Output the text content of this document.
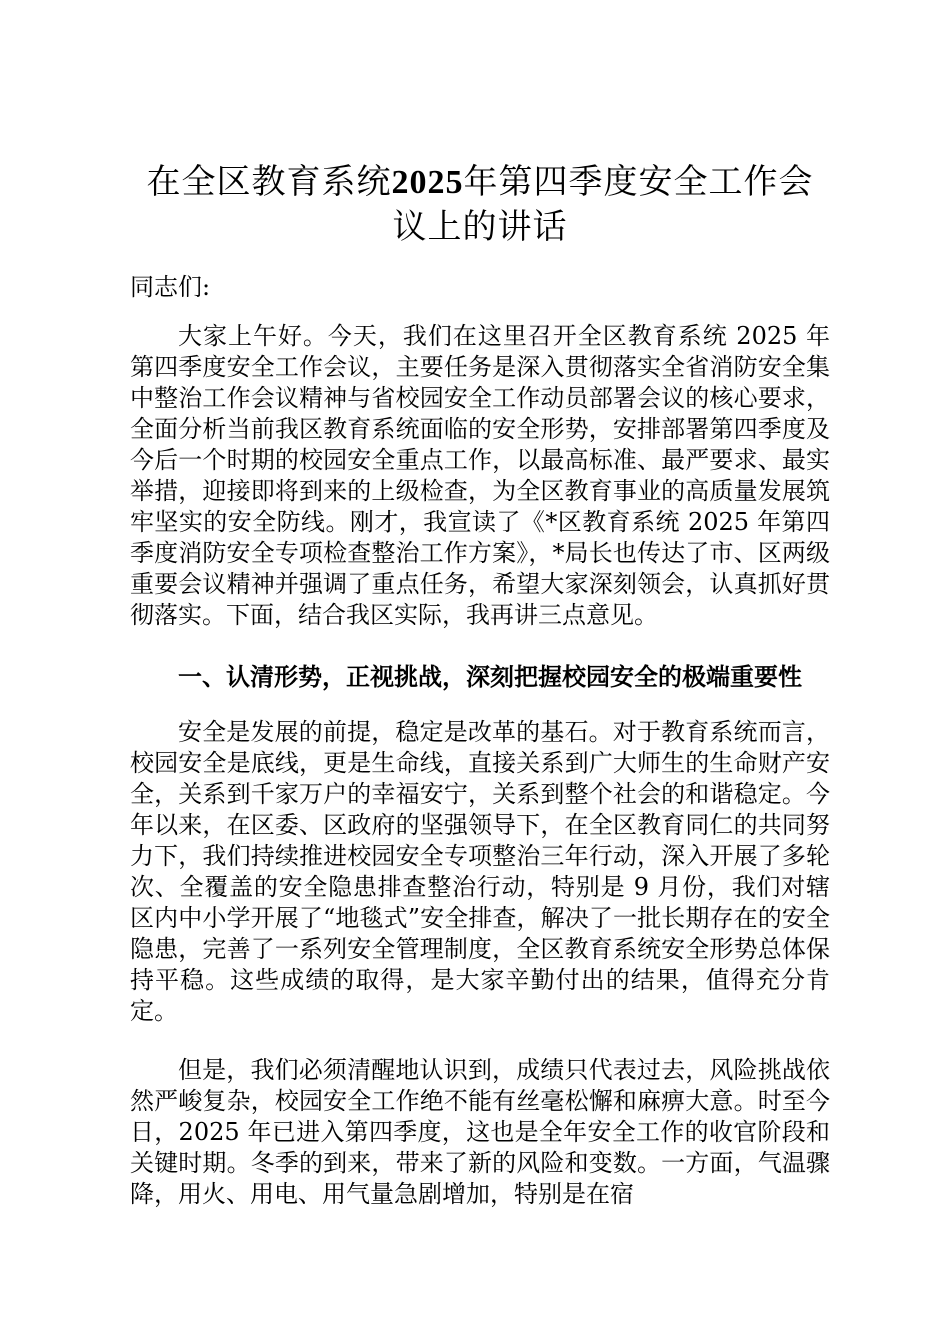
在全区教育系统2025年第四季度安全工作会议上的讲话

同志们:

大家上午好。今天，我们在这里召开全区教育系统 2025 年第四季度安全工作会议，主要任务是深入贯彻落实全省消防安全集中整治工作会议精神与省校园安全工作动员部署会议的核心要求，全面分析当前我区教育系统面临的安全形势，安排部署第四季度及今后一个时期的校园安全重点工作，以最高标准、最严要求、最实举措，迎接即将到来的上级检查，为全区教育事业的高质量发展筑牢坚实的安全防线。刚才，我宣读了《*区教育系统 2025 年第四季度消防安全专项检查整治工作方案》，*局长也传达了市、区两级重要会议精神并强调了重点任务，希望大家深刻领会，认真抓好贯彻落实。下面，结合我区实际，我再讲三点意见。

一、认清形势，正视挑战，深刻把握校园安全的极端重要性

安全是发展的前提，稳定是改革的基石。对于教育系统而言，校园安全是底线，更是生命线，直接关系到广大师生的生命财产安全，关系到千家万户的幸福安宁，关系到整个社会的和谐稳定。今年以来，在区委、区政府的坚强领导下，在全区教育同仁的共同努力下，我们持续推进校园安全专项整治三年行动，深入开展了多轮次、全覆盖的安全隐患排查整治行动，特别是 9 月份，我们对辖区内中小学开展了“地毯式”安全排查，解决了一批长期存在的安全隐患，完善了一系列安全管理制度，全区教育系统安全形势总体保持平稳。这些成绩的取得，是大家辛勤付出的结果，值得充分肯定。

但是，我们必须清醒地认识到，成绩只代表过去，风险挑战依然严峻复杂，校园安全工作绝不能有丝毫松懈和麻痹大意。时至今日，2025 年已进入第四季度，这也是全年安全工作的收官阶段和关键时期。冬季的到来，带来了新的风险和变数。一方面，气温骤降，用火、用电、用气量急剧增加，特别是在宿
